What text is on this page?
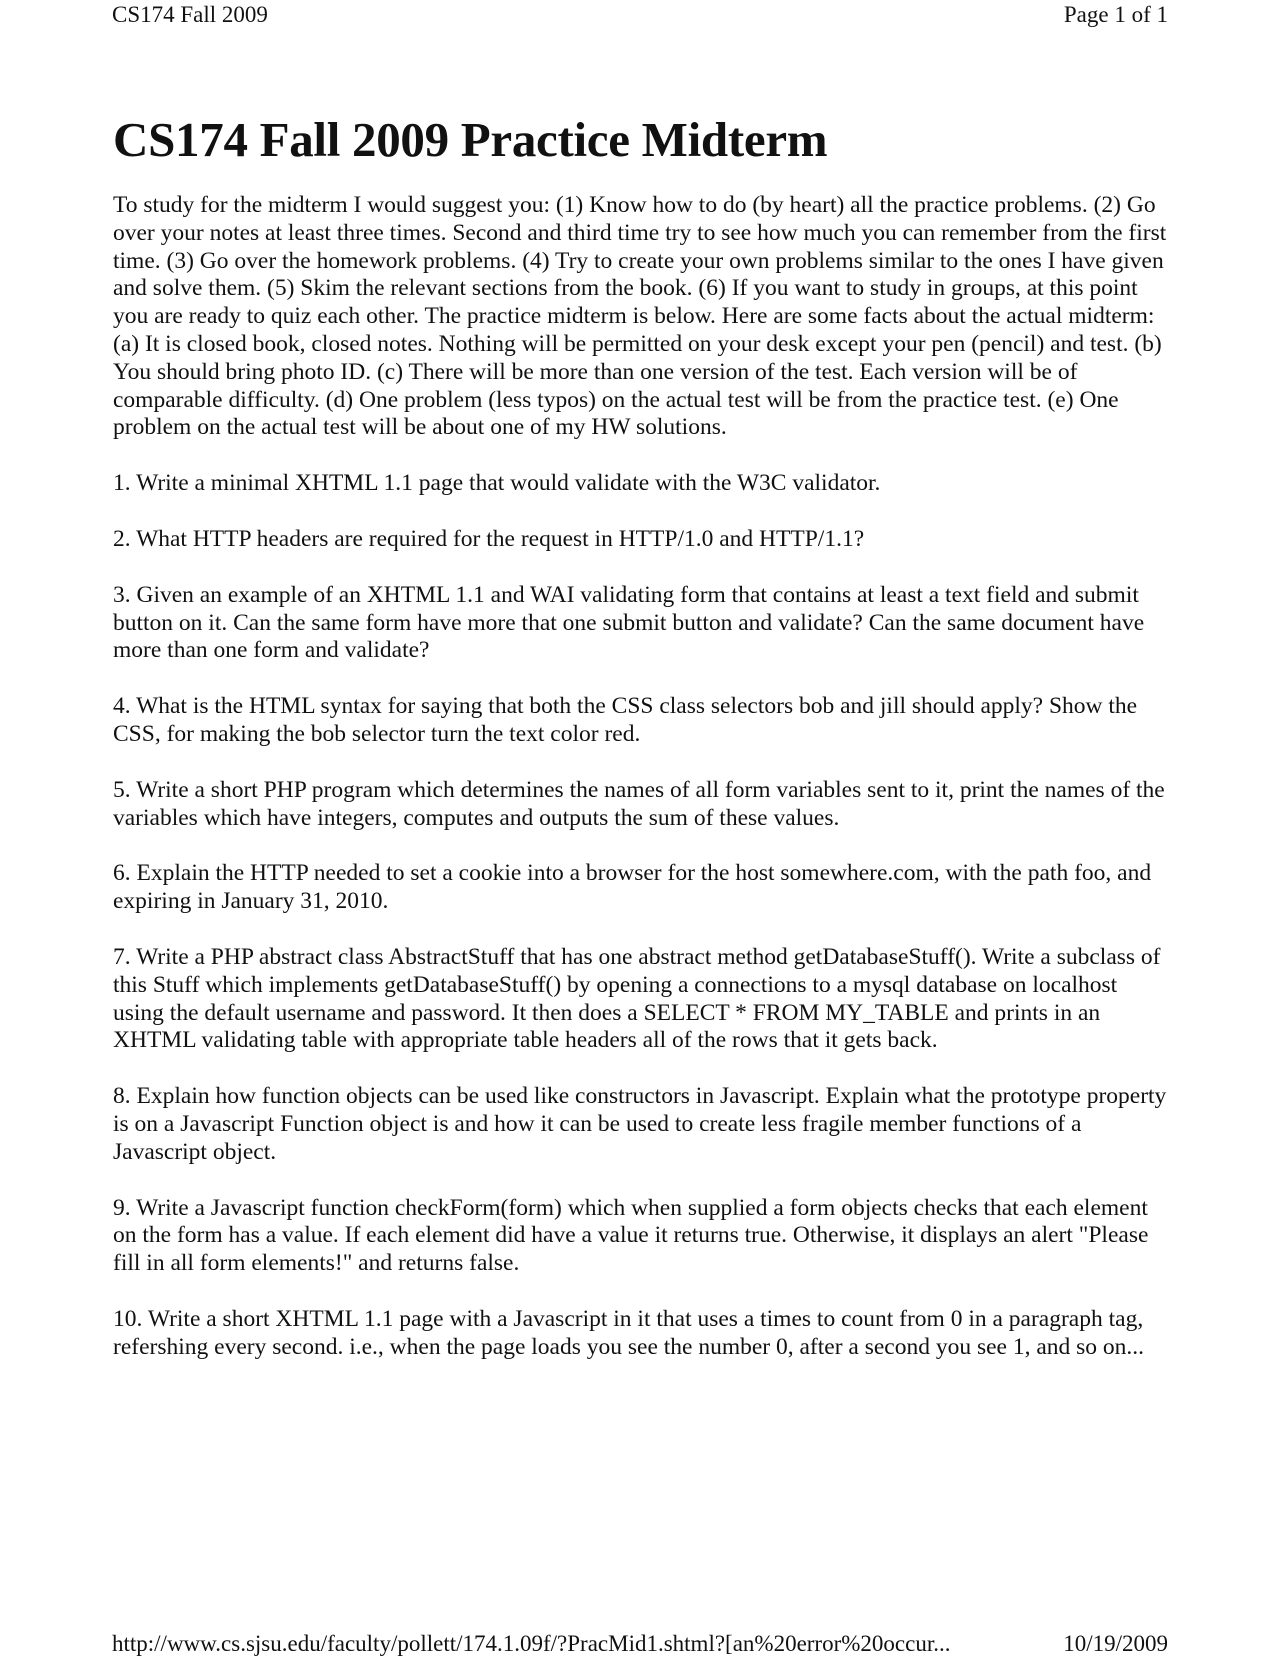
CS174 Fall 2009	Page 1 of 1
CS174 Fall 2009 Practice Midterm

To study for the midterm I would suggest you: (1) Know how to do (by heart) all the practice problems. (2) Go over your notes at least three times. Second and third time try to see how much you can remember from the first time. (3) Go over the homework problems. (4) Try to create your own problems similar to the ones I have given and solve them. (5) Skim the relevant sections from the book. (6) If you want to study in groups, at this point you are ready to quiz each other. The practice midterm is below. Here are some facts about the actual midterm: (a) It is closed book, closed notes. Nothing will be permitted on your desk except your pen (pencil) and test. (b) You should bring photo ID. (c) There will be more than one version of the test. Each version will be of comparable difficulty. (d) One problem (less typos) on the actual test will be from the practice test. (e) One problem on the actual test will be about one of my HW solutions.

1. Write a minimal XHTML 1.1 page that would validate with the W3C validator.

2. What HTTP headers are required for the request in HTTP/1.0 and HTTP/1.1?

3. Given an example of an XHTML 1.1 and WAI validating form that contains at least a text field and submit button on it. Can the same form have more that one submit button and validate? Can the same document have more than one form and validate?

4. What is the HTML syntax for saying that both the CSS class selectors bob and jill should apply? Show the CSS, for making the bob selector turn the text color red.

5. Write a short PHP program which determines the names of all form variables sent to it, print the names of the variables which have integers, computes and outputs the sum of these values.

6. Explain the HTTP needed to set a cookie into a browser for the host somewhere.com, with the path foo, and expiring in January 31, 2010.

7. Write a PHP abstract class AbstractStuff that has one abstract method getDatabaseStuff(). Write a subclass of this Stuff which implements getDatabaseStuff() by opening a connections to a mysql database on localhost using the default username and password. It then does a SELECT * FROM MY_TABLE and prints in an XHTML validating table with appropriate table headers all of the rows that it gets back.

8. Explain how function objects can be used like constructors in Javascript. Explain what the prototype property is on a Javascript Function object is and how it can be used to create less fragile member functions of a Javascript object.

9. Write a Javascript function checkForm(form) which when supplied a form objects checks that each element on the form has a value. If each element did have a value it returns true. Otherwise, it displays an alert "Please fill in all form elements!" and returns false.

10. Write a short XHTML 1.1 page with a Javascript in it that uses a times to count from 0 in a paragraph tag, refershing every second. i.e., when the page loads you see the number 0, after a second you see 1, and so on...

http://www.cs.sjsu.edu/faculty/pollett/174.1.09f/?PracMid1.shtml?[an%20error%20occur...	10/19/2009
